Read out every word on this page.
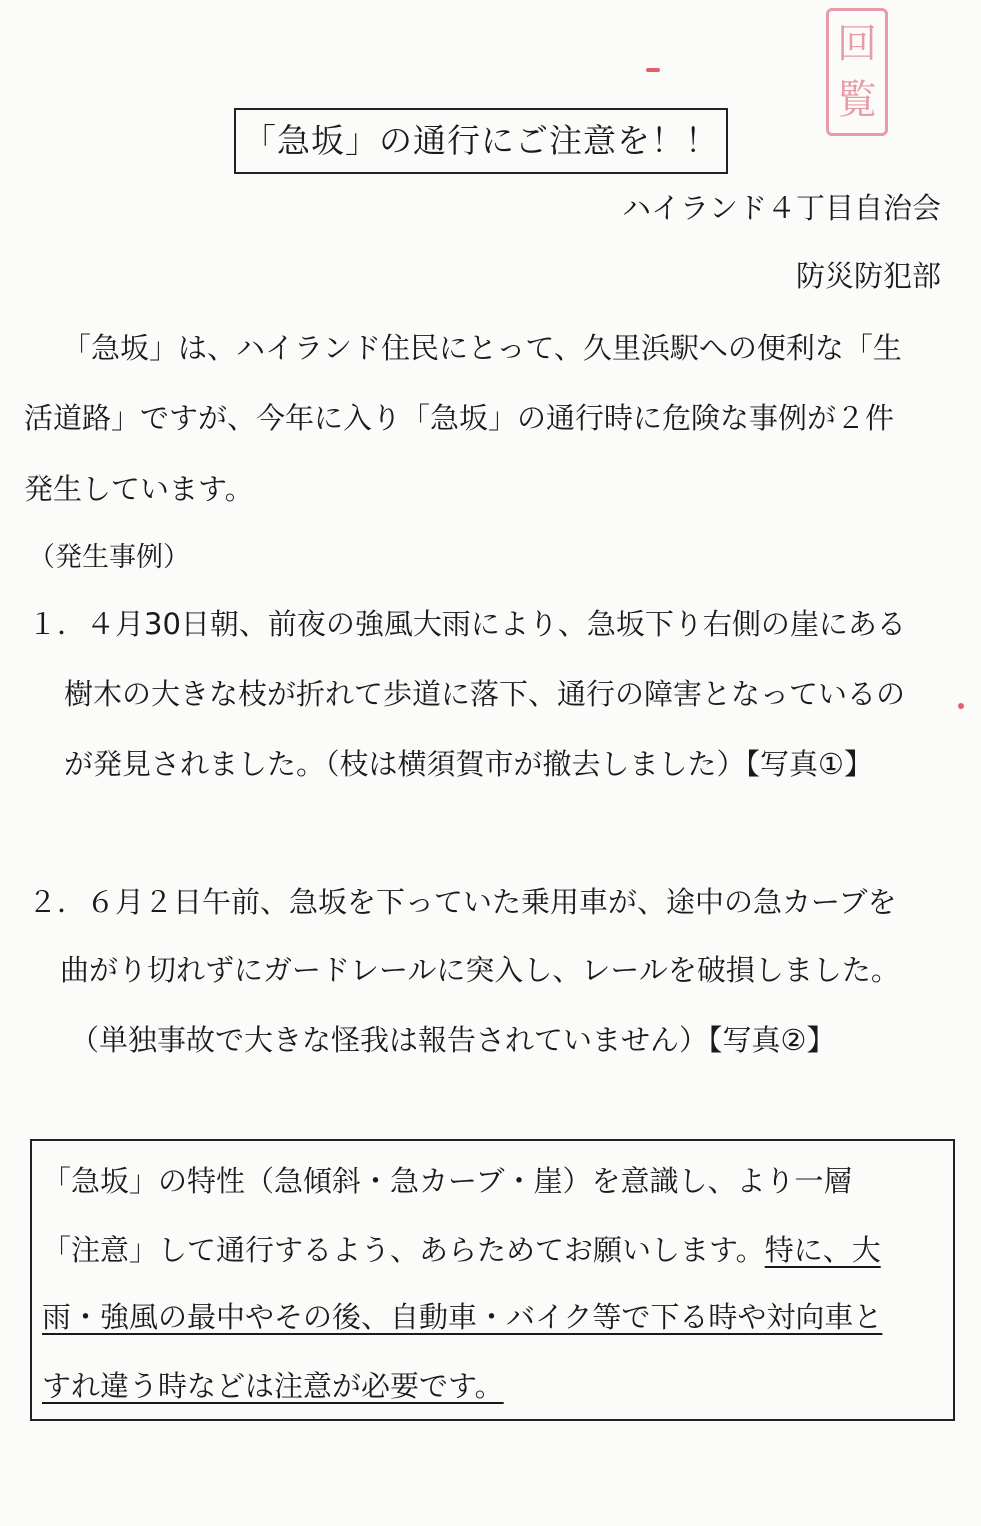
回
覧
「急坂」の通行にご注意を！！
ハイランド４丁目自治会
防災防犯部
「急坂」は、ハイランド住民にとって、久里浜駅への便利な「生
活道路」ですが、今年に入り「急坂」の通行時に危険な事例が２件
発生しています。
（発生事例）
１．４月30日朝、前夜の強風大雨により、急坂下り右側の崖にある
樹木の大きな枝が折れて歩道に落下、通行の障害となっているの
が発見されました。（枝は横須賀市が撤去しました）【写真①】
２．６月２日午前、急坂を下っていた乗用車が、途中の急カーブを
曲がり切れずにガードレールに突入し、レールを破損しました。
（単独事故で大きな怪我は報告されていません）【写真②】
「急坂」の特性（急傾斜・急カーブ・崖）を意識し、より一層
「注意」して通行するよう、あらためてお願いします。特に、大
雨・強風の最中やその後、自動車・バイク等で下る時や対向車と
すれ違う時などは注意が必要です。
